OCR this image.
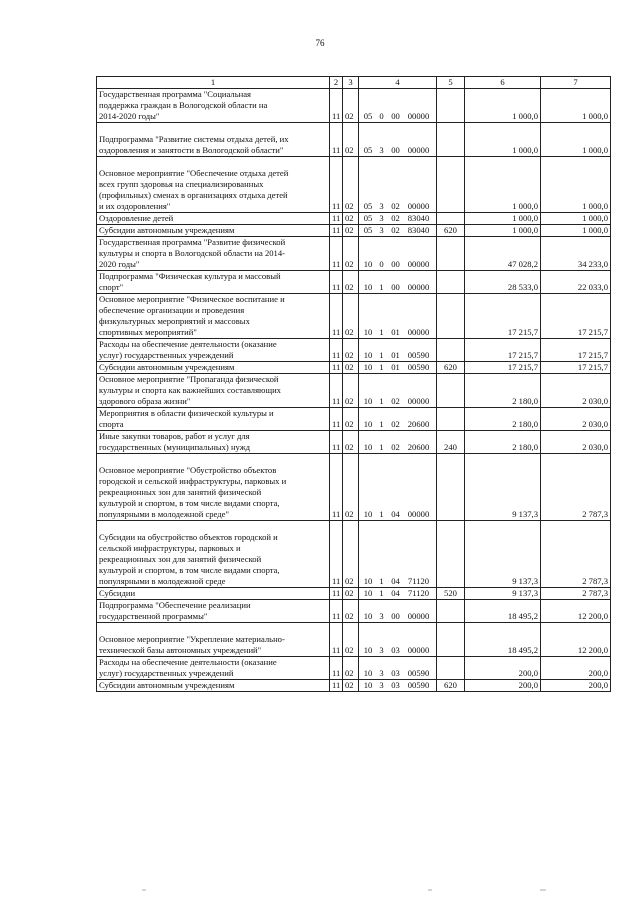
76
1	2	3	4	5	6	7
Государственная программа "Социальная
поддержка граждан в Вологодской области на
2014-2020 годы"	11	02	05 0 00 00000		1 000,0	1 000,0

Подпрограмма "Развитие системы отдыха детей, их
оздоровления и занятости в Вологодской области"	11	02	05 3 00 00000		1 000,0	1 000,0

Основное мероприятие "Обеспечение отдыха детей
всех групп здоровья на специализированных
(профильных) сменах в организациях отдыха детей
и их оздоровления"	11	02	05 3 02 00000		1 000,0	1 000,0
Оздоровление детей	11	02	05 3 02 83040		1 000,0	1 000,0
Субсидии автономным учреждениям	11	02	05 3 02 83040	620	1 000,0	1 000,0
Государственная программа "Развитие физической
культуры и спорта в Вологодской области на 2014-
2020 годы"	11	02	10 0 00 00000		47 028,2	34 233,0
Подпрограмма "Физическая культура и массовый
спорт"	11	02	10 1 00 00000		28 533,0	22 033,0
Основное мероприятие "Физическое воспитание и
обеспечение организации и проведения
физкультурных мероприятий и массовых
спортивных мероприятий"	11	02	10 1 01 00000		17 215,7	17 215,7
Расходы на обеспечение деятельности (оказание
услуг) государственных учреждений	11	02	10 1 01 00590		17 215,7	17 215,7
Субсидии автономным учреждениям	11	02	10 1 01 00590	620	17 215,7	17 215,7
Основное мероприятие "Пропаганда физической
культуры и спорта как важнейших составляющих
здорового образа жизни"	11	02	10 1 02 00000		2 180,0	2 030,0
Мероприятия в области физической культуры и
спорта	11	02	10 1 02 20600		2 180,0	2 030,0
Иные закупки товаров, работ и услуг для
государственных (муниципальных) нужд	11	02	10 1 02 20600	240	2 180,0	2 030,0

Основное мероприятие "Обустройство объектов
городской и сельской инфраструктуры, парковых и
рекреационных зон для занятий физической
культурой и спортом, в том числе видами спорта,
популярными в молодежной среде"	11	02	10 1 04 00000		9 137,3	2 787,3

Субсидии на обустройство объектов городской и
сельской инфраструктуры, парковых и
рекреационных зон для занятий физической
культурой и спортом, в том числе видами спорта,
популярными в молодежной среде	11	02	10 1 04 71120		9 137,3	2 787,3
Субсидии	11	02	10 1 04 71120	520	9 137,3	2 787,3
Подпрограмма "Обеспечение реализации
государственной программы"	11	02	10 3 00 00000		18 495,2	12 200,0

Основное мероприятие "Укрепление материально-
технической базы автономных учреждений"	11	02	10 3 03 00000		18 495,2	12 200,0
Расходы на обеспечение деятельности (оказание
услуг) государственных учреждений	11	02	10 3 03 00590		200,0	200,0
Субсидии автономным учреждениям	11	02	10 3 03 00590	620	200,0	200,0
